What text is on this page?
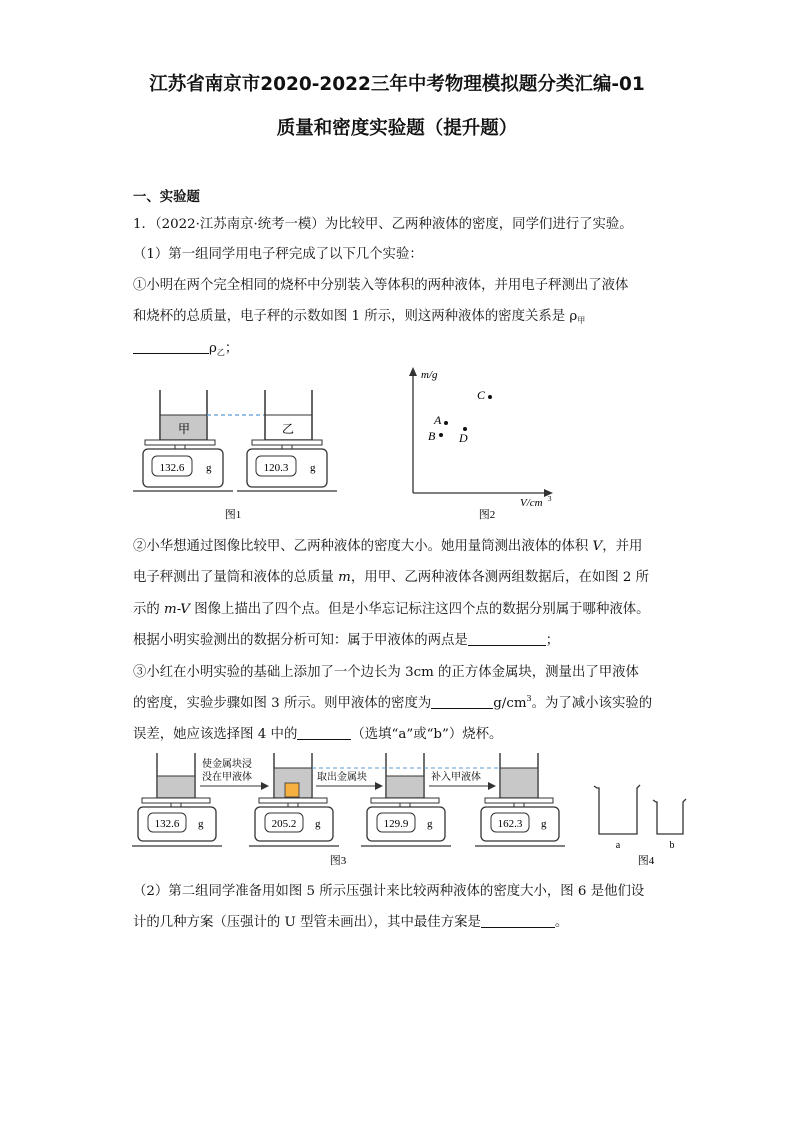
江苏省南京市2020-2022三年中考物理模拟题分类汇编-01
质量和密度实验题（提升题）
一、实验题
1．（2022·江苏南京·统考一模）为比较甲、乙两种液体的密度，同学们进行了实验。
（1）第一组同学用电子秤完成了以下几个实验：
①小明在两个完全相同的烧杯中分别装入等体积的两种液体，并用电子秤测出了液体
和烧杯的总质量，电子秤的示数如图 1 所示，则这两种液体的密度关系是 $\rho_甲$
$\rho_乙$；
甲	乙
132.6 g	120.3 g
图1
m/g
V/cm 3
C
A
B D
图2
②小华想通过图像比较甲、乙两种液体的密度大小。她用量筒测出液体的体积 V，并用
电子秤测出了量筒和液体的总质量 m，用甲、乙两种液体各测两组数据后，在如图 2 所
示的 m-V 图像上描出了四个点。但是小华忘记标注这四个点的数据分别属于哪种液体。
根据小明实验测出的数据分析可知：属于甲液体的两点是	；
③小红在小明实验的基础上添加了一个边长为 3cm 的正方体金属块，测量出了甲液体
的密度，实验步骤如图 3 所示。则甲液体的密度为	$g/cm^3$。为了减小该实验的
误差，她应该选择图 4 中的	（选填“a”或“b”）烧杯。
使金属块浸
没在甲液体	取出金属块	补入甲液体
132.6 g	205.2 g	129.9 g	162.3 g
图3
a	b
图4
（2）第二组同学准备用如图 5 所示压强计来比较两种液体的密度大小，图 6 是他们设
计的几种方案（压强计的 U 型管未画出），其中最佳方案是	。
